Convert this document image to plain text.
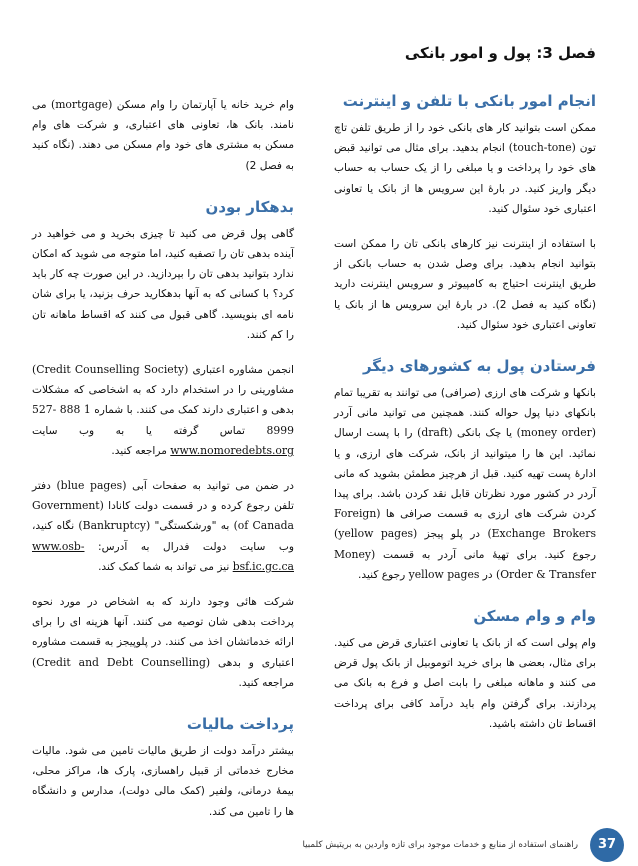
فصل 3: پول و امور بانکی
انجام امور بانکی با تلفن و اینترنت

ممکن است بتوانید کار های بانکی خود را از طریق تلفن تاچ تون (touch-tone) انجام بدهید. برای مثال می توانید قبض های خود را پرداخت و یا مبلغی را از یک حساب به حساب دیگر واریز کنید. در بارهٔ این سرویس ها از بانک یا تعاونی اعتباری خود سئوال کنید.

با استفاده از اینترنت نیز کارهای بانکی تان را ممکن است بتوانید انجام بدهید. برای وصل شدن به حساب بانکی از طریق اینترنت احتیاج به کامپیوتر و سرویس اینترنت دارید (نگاه کنید به فصل 2). در بارهٔ این سرویس ها از بانک یا تعاونی اعتباری خود سئوال کنید.

فرستادن پول به کشورهای دیگر

بانکها و شرکت های ارزی (صرافی) می توانند به تقریبا تمام بانکهای دنیا پول حواله کنند. همچنین می توانید مانی آردر (money order) یا چک بانکی (draft) را با پست ارسال نمائید. این ها را میتوانید از بانک، شرکت های ارزی، و یا ادارهٔ پست تهیه کنید. قبل از هرچیز مطمئن بشوید که مانی آردر در کشور مورد نظرتان قابل نقد کردن باشد. برای پیدا کردن شرکت های ارزی به قسمت صرافی ها (Foreign Exchange Brokers) در پلو پیجز (yellow pages) رجوع کنید. برای تهیهٔ مانی آردر به قسمت (Money Order & Transfer) در yellow pages رجوع کنید.

وام و وام مسکن

وام پولی است که از بانک یا تعاونی اعتباری قرض می کنید. برای مثال، بعضی ها برای خرید اتوموبیل از بانک پول قرض می کنند و ماهانه مبلغی را بابت اصل و فرع به بانک می پردازند. برای گرفتن وام باید درآمد کافی برای پرداخت اقساط تان داشته باشید.

وام خرید خانه یا آپارتمان را وام مسکن (mortgage) می نامند. بانک ها، تعاونی های اعتباری، و شرکت های وام مسکن به مشتری های خود وام مسکن می دهند. (نگاه کنید به فصل 2)

بدهکار بودن

گاهی پول قرض می کنید تا چیزی بخرید و می خواهید در آینده بدهی تان را تصفیه کنید، اما متوجه می شوید که امکان ندارد بتوانید بدهی تان را بپردازید. در این صورت چه کار باید کرد؟ با کسانی که به آنها بدهکارید حرف بزنید، یا برای شان نامه ای بنویسید. گاهی قبول می کنند که اقساط ماهانه تان را کم کنند.

انجمن مشاوره اعتباری (Credit Counselling Society) مشاورینی را در استخدام دارد که به اشخاصی که مشکلات بدهی و اعتباری دارند کمک می کنند. با شماره 1 888 527-8999 تماس گرفته یا به وب سایت www.nomoredebts.org مراجعه کنید.

در ضمن می توانید به صفحات آبی (blue pages) دفتر تلفن رجوع کرده و در قسمت دولت کانادا (Government of Canada) به "ورشکستگی" (Bankruptcy) نگاه کنید، وب سایت دولت فدرال به آدرس: www.osb-bsf.ic.gc.ca نیز می تواند به شما کمک کند.

شرکت هائی وجود دارند که به اشخاص در مورد نحوه پرداخت بدهی شان توصیه می کنند. آنها هزینه ای را برای ارائه خدماتشان اخذ می کنند. در پلوپیجز به قسمت مشاوره اعتباری و بدهی (Credit and Debt Counselling) مراجعه کنید.

پرداخت مالیات

بیشتر درآمد دولت از طریق مالیات تامین می شود. مالیات مخارج خدماتی از قبیل راهسازی، پارک ها، مراکز محلی، بیمهٔ درمانی، ولفیر (کمک مالی دولت)، مدارس و دانشگاه ها را تامین می کند.

37
راهنمای استفاده از منابع و خدمات موجود برای تازه واردین به بریتیش کلمبیا
